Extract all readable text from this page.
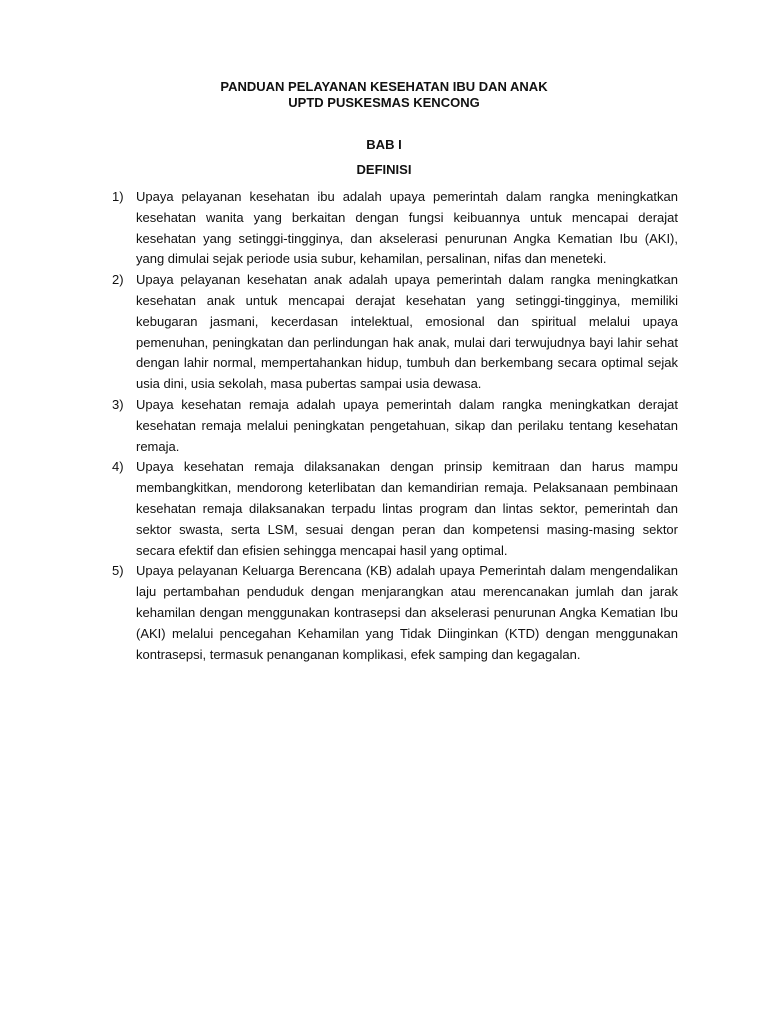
PANDUAN PELAYANAN KESEHATAN IBU DAN ANAK
UPTD PUSKESMAS KENCONG
BAB I
DEFINISI
1) Upaya pelayanan kesehatan ibu adalah upaya pemerintah dalam rangka meningkatkan kesehatan wanita yang berkaitan dengan fungsi keibuannya untuk mencapai derajat kesehatan yang setinggi-tingginya, dan akselerasi penurunan Angka Kematian Ibu (AKI), yang dimulai sejak periode usia subur, kehamilan, persalinan, nifas dan meneteki.
2) Upaya pelayanan kesehatan anak adalah upaya pemerintah dalam rangka meningkatkan kesehatan anak untuk mencapai derajat kesehatan yang setinggi-tingginya, memiliki kebugaran jasmani, kecerdasan intelektual, emosional dan spiritual melalui upaya pemenuhan, peningkatan dan perlindungan hak anak, mulai dari terwujudnya bayi lahir sehat dengan lahir normal, mempertahankan hidup, tumbuh dan berkembang secara optimal sejak usia dini, usia sekolah, masa pubertas sampai usia dewasa.
3) Upaya kesehatan remaja adalah upaya pemerintah dalam rangka meningkatkan derajat kesehatan remaja melalui peningkatan pengetahuan, sikap dan perilaku tentang kesehatan remaja.
4) Upaya kesehatan remaja dilaksanakan dengan prinsip kemitraan dan harus mampu membangkitkan, mendorong keterlibatan dan kemandirian remaja. Pelaksanaan pembinaan kesehatan remaja dilaksanakan terpadu lintas program dan lintas sektor, pemerintah dan sektor swasta, serta LSM, sesuai dengan peran dan kompetensi masing-masing sektor secara efektif dan efisien sehingga mencapai hasil yang optimal.
5) Upaya pelayanan Keluarga Berencana (KB) adalah upaya Pemerintah dalam mengendalikan laju pertambahan penduduk dengan menjarangkan atau merencanakan jumlah dan jarak kehamilan dengan menggunakan kontrasepsi dan akselerasi penurunan Angka Kematian Ibu (AKI) melalui pencegahan Kehamilan yang Tidak Diinginkan (KTD) dengan menggunakan kontrasepsi, termasuk penanganan komplikasi, efek samping dan kegagalan.
